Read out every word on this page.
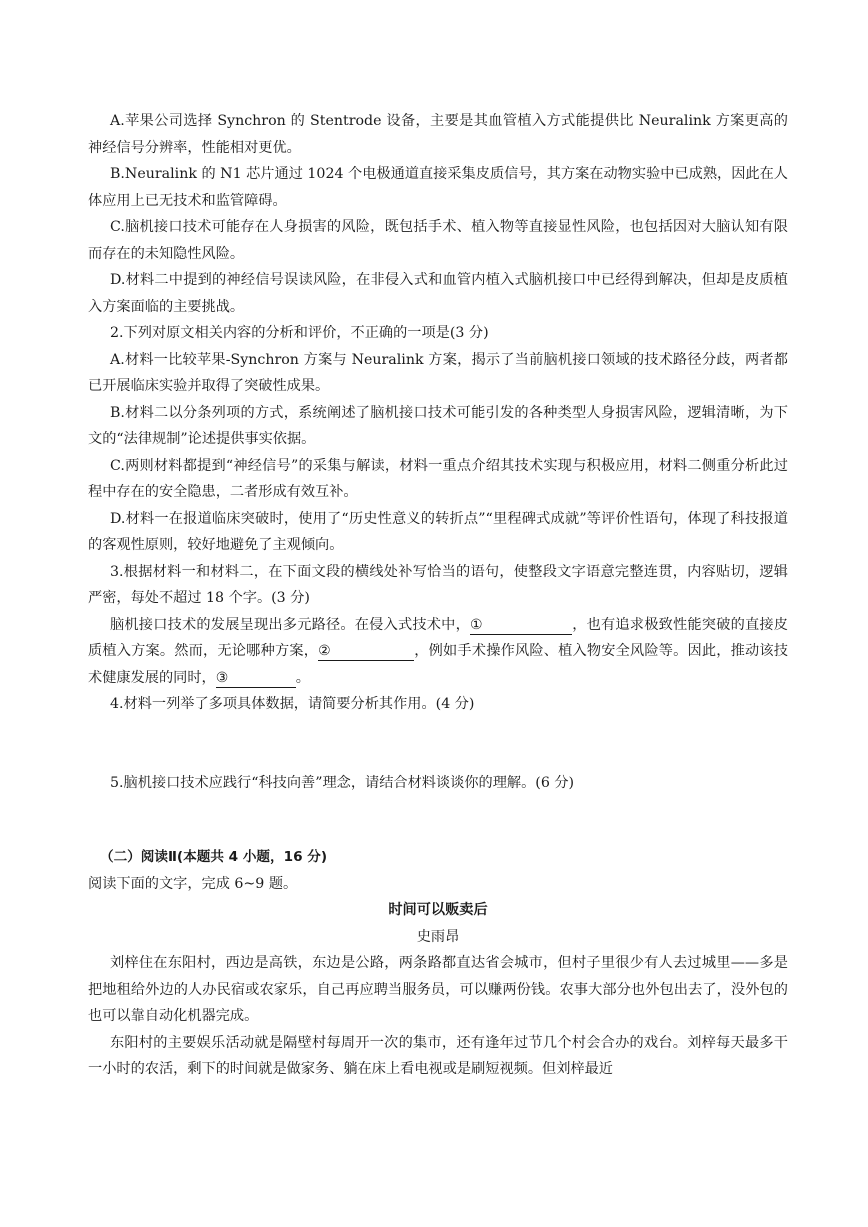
A.苹果公司选择 Synchron 的 Stentrode 设备，主要是其血管植入方式能提供比 Neuralink 方案更高的神经信号分辨率，性能相对更优。

B.Neuralink 的 N1 芯片通过 1024 个电极通道直接采集皮质信号，其方案在动物实验中已成熟，因此在人体应用上已无技术和监管障碍。

C.脑机接口技术可能存在人身损害的风险，既包括手术、植入物等直接显性风险，也包括因对大脑认知有限而存在的未知隐性风险。

D.材料二中提到的神经信号误读风险，在非侵入式和血管内植入式脑机接口中已经得到解决，但却是皮质植入方案面临的主要挑战。

2.下列对原文相关内容的分析和评价，不正确的一项是(3 分)

A.材料一比较苹果-Synchron 方案与 Neuralink 方案，揭示了当前脑机接口领域的技术路径分歧，两者都已开展临床实验并取得了突破性成果。

B.材料二以分条列项的方式，系统阐述了脑机接口技术可能引发的各种类型人身损害风险，逻辑清晰，为下文的“法律规制”论述提供事实依据。

C.两则材料都提到“神经信号”的采集与解读，材料一重点介绍其技术实现与积极应用，材料二侧重分析此过程中存在的安全隐患，二者形成有效互补。

D.材料一在报道临床突破时，使用了“历史性意义的转折点”“里程碑式成就”等评价性语句，体现了科技报道的客观性原则，较好地避免了主观倾向。

3.根据材料一和材料二，在下面文段的横线处补写恰当的语句，使整段文字语意完整连贯，内容贴切，逻辑严密，每处不超过 18 个字。(3 分)

脑机接口技术的发展呈现出多元路径。在侵入式技术中，①	，也有追求极致性能突破的直接皮质植入方案。然而，无论哪种方案，②	，例如手术操作风险、植入物安全风险等。因此，推动该技术健康发展的同时，③	。

4.材料一列举了多项具体数据，请简要分析其作用。(4 分)

5.脑机接口技术应践行“科技向善”理念，请结合材料谈谈你的理解。(6 分)

（二）阅读Ⅱ(本题共 4 小题，16 分)

阅读下面的文字，完成 6~9 题。

时间可以贩卖后

史雨昂

刘梓住在东阳村，西边是高铁，东边是公路，两条路都直达省会城市，但村子里很少有人去过城里——多是把地租给外边的人办民宿或农家乐，自己再应聘当服务员，可以赚两份钱。农事大部分也外包出去了，没外包的也可以靠自动化机器完成。

东阳村的主要娱乐活动就是隔壁村每周开一次的集市，还有逢年过节几个村会合办的戏台。刘梓每天最多干一小时的农活，剩下的时间就是做家务、躺在床上看电视或是刷短视频。但刘梓最近
